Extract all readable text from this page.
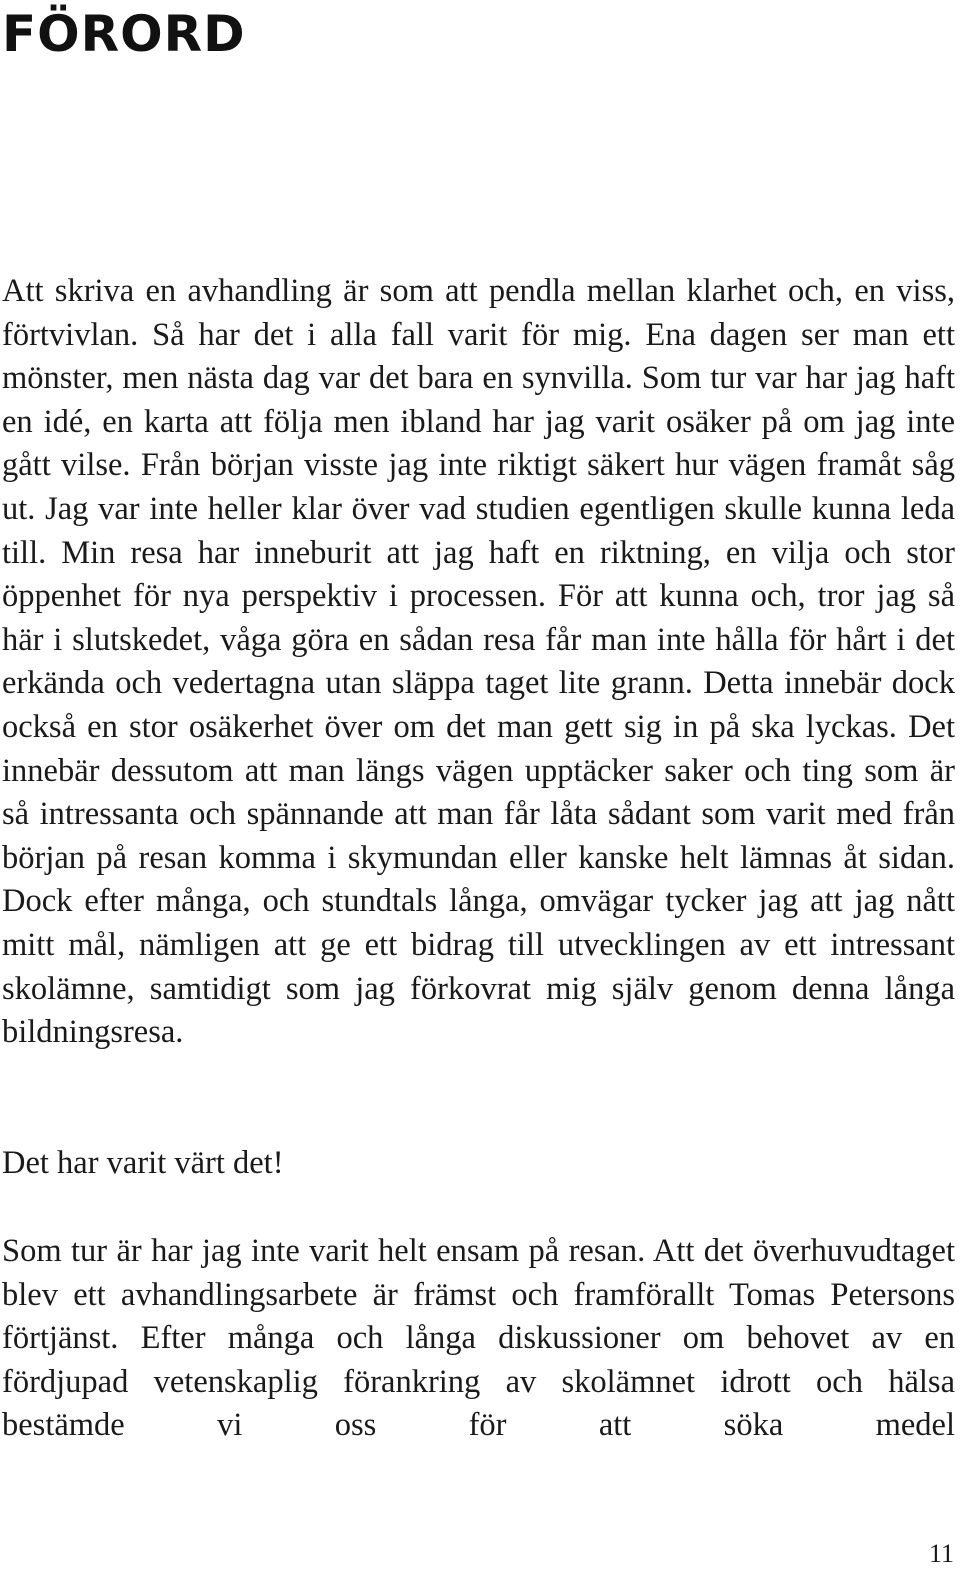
FÖRORD

Att skriva en avhandling är som att pendla mellan klarhet och, en viss, förtvivlan. Så har det i alla fall varit för mig. Ena dagen ser man ett mönster, men nästa dag var det bara en synvilla. Som tur var har jag haft en idé, en karta att följa men ibland har jag varit osäker på om jag inte gått vilse. Från början visste jag inte riktigt säkert hur vägen framåt såg ut. Jag var inte heller klar över vad studien egentligen skulle kunna leda till. Min resa har inneburit att jag haft en riktning, en vilja och stor öppenhet för nya perspektiv i processen. För att kunna och, tror jag så här i slutskedet, våga göra en sådan resa får man inte hålla för hårt i det erkända och vedertagna utan släppa taget lite grann. Detta innebär dock också en stor osäkerhet över om det man gett sig in på ska lyckas. Det innebär dessutom att man längs vägen upptäcker saker och ting som är så intressanta och spännande att man får låta sådant som varit med från början på resan komma i skymundan eller kanske helt lämnas åt sidan. Dock efter många, och stundtals långa, omvägar tycker jag att jag nått mitt mål, nämligen att ge ett bidrag till utvecklingen av ett intressant skolämne, samtidigt som jag förkovrat mig själv genom denna långa bildningsresa.

Det har varit värt det!

Som tur är har jag inte varit helt ensam på resan. Att det överhuvudtaget blev ett avhandlingsarbete är främst och framförallt Tomas Petersons förtjänst. Efter många och långa diskussioner om behovet av en fördjupad vetenskaplig förankring av skolämnet idrott och hälsa bestämde vi oss för att söka medel

11
